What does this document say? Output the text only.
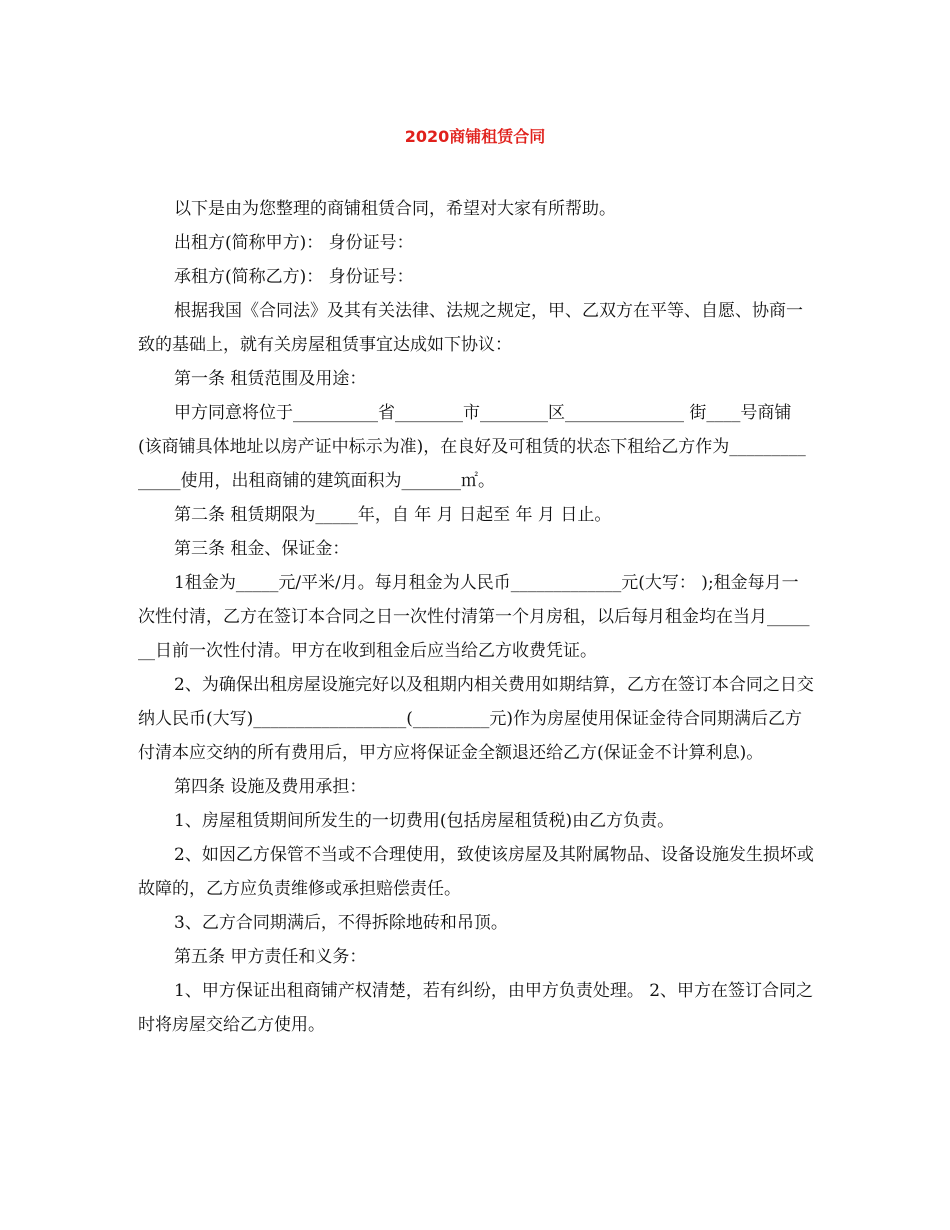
2020商铺租赁合同

以下是由为您整理的商铺租赁合同，希望对大家有所帮助。

出租方(简称甲方)： 身份证号：

承租方(简称乙方)： 身份证号：

根据我国《合同法》及其有关法律、法规之规定，甲、乙双方在平等、自愿、协商一致的基础上，就有关房屋租赁事宜达成如下协议：

第一条 租赁范围及用途：

甲方同意将位于__________省________市________区______________ 街____号商铺(该商铺具体地址以房产证中标示为准)，在良好及可租赁的状态下租给乙方作为______________使用，出租商铺的建筑面积为_______㎡。

第二条 租赁期限为_____年，自 年 月 日起至 年 月 日止。

第三条 租金、保证金：

1租金为_____元/平米/月。每月租金为人民币_____________元(大写： );租金每月一次性付清，乙方在签订本合同之日一次性付清第一个月房租，以后每月租金均在当月_______日前一次性付清。甲方在收到租金后应当给乙方收费凭证。

2、为确保出租房屋设施完好以及租期内相关费用如期结算，乙方在签订本合同之日交纳人民币(大写)__________________(_________元)作为房屋使用保证金待合同期满后乙方付清本应交纳的所有费用后，甲方应将保证金全额退还给乙方(保证金不计算利息)。

第四条 设施及费用承担：

1、房屋租赁期间所发生的一切费用(包括房屋租赁税)由乙方负责。

2、如因乙方保管不当或不合理使用，致使该房屋及其附属物品、设备设施发生损坏或故障的，乙方应负责维修或承担赔偿责任。

3、乙方合同期满后，不得拆除地砖和吊顶。

第五条 甲方责任和义务：

1、甲方保证出租商铺产权清楚，若有纠纷，由甲方负责处理。 2、甲方在签订合同之时将房屋交给乙方使用。
